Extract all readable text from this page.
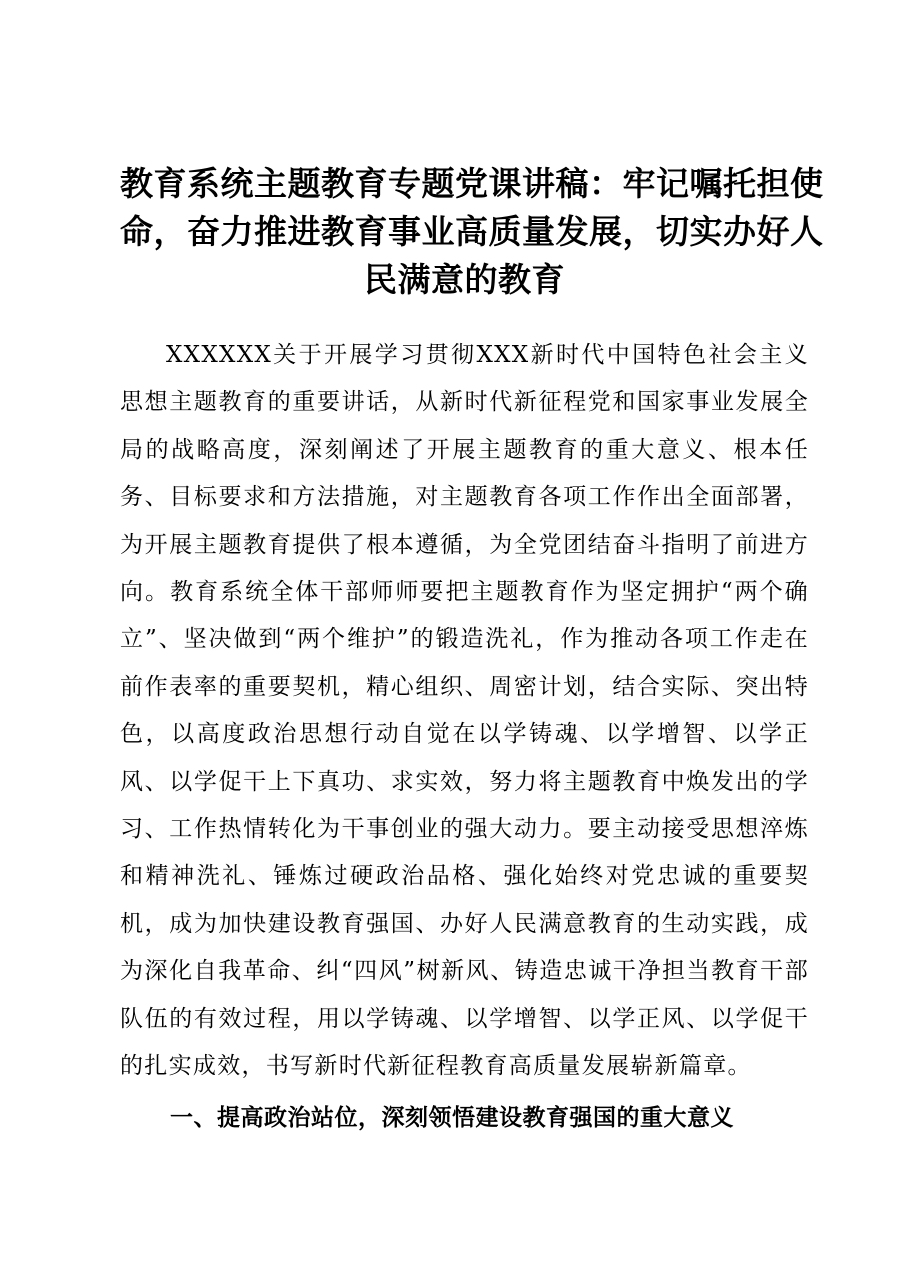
教育系统主题教育专题党课讲稿：牢记嘱托担使
命，奋力推进教育事业高质量发展，切实办好人
民满意的教育

XXXXXX关于开展学习贯彻XXX新时代中国特色社会主义思想主题教育的重要讲话，从新时代新征程党和国家事业发展全局的战略高度，深刻阐述了开展主题教育的重大意义、根本任务、目标要求和方法措施，对主题教育各项工作作出全面部署，为开展主题教育提供了根本遵循，为全党团结奋斗指明了前进方向。教育系统全体干部师师要把主题教育作为坚定拥护“两个确立”、坚决做到“两个维护”的锻造洗礼，作为推动各项工作走在前作表率的重要契机，精心组织、周密计划，结合实际、突出特色，以高度政治思想行动自觉在以学铸魂、以学增智、以学正风、以学促干上下真功、求实效，努力将主题教育中焕发出的学习、工作热情转化为干事创业的强大动力。要主动接受思想淬炼和精神洗礼、锤炼过硬政治品格、强化始终对党忠诚的重要契机，成为加快建设教育强国、办好人民满意教育的生动实践，成为深化自我革命、纠“四风”树新风、铸造忠诚干净担当教育干部队伍的有效过程，用以学铸魂、以学增智、以学正风、以学促干的扎实成效，书写新时代新征程教育高质量发展崭新篇章。

一、提高政治站位，深刻领悟建设教育强国的重大意义
